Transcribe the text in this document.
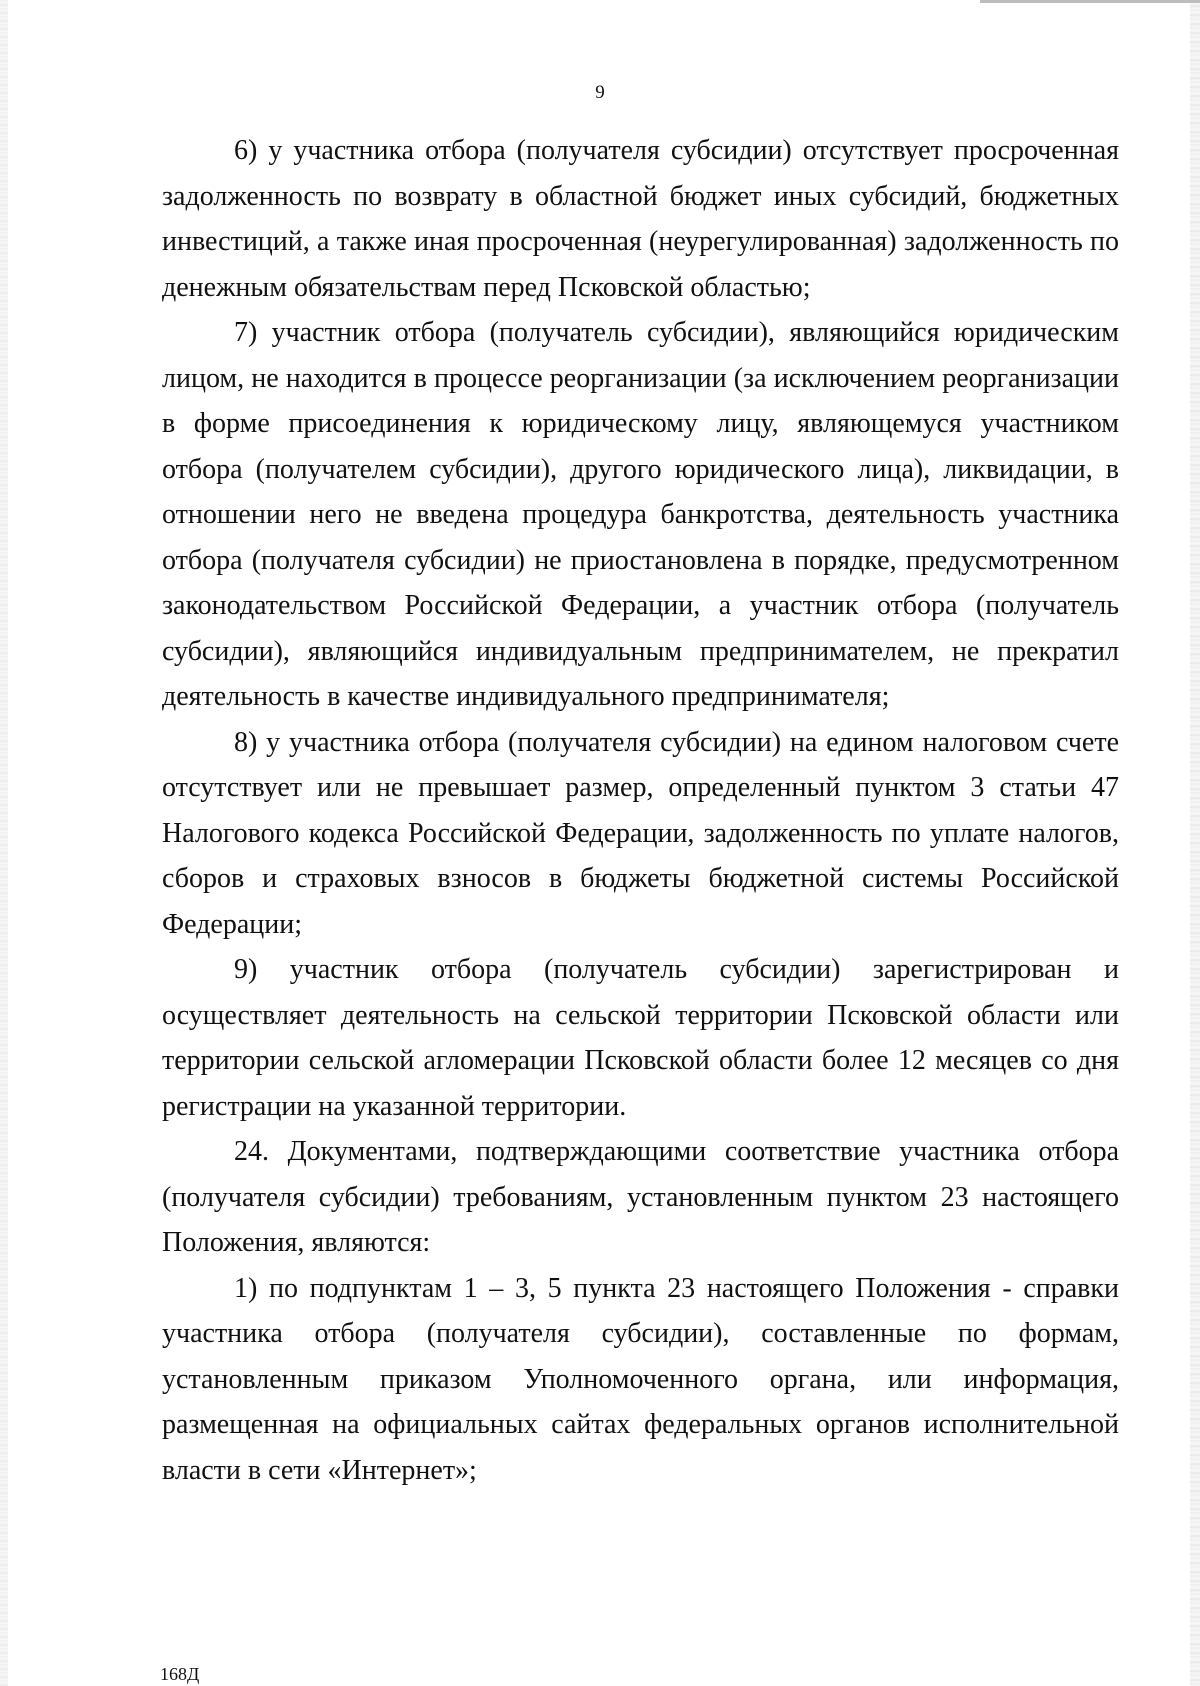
9

6) у участника отбора (получателя субсидии) отсутствует просроченная задолженность по возврату в областной бюджет иных субсидий, бюджетных инвестиций, а также иная просроченная (неурегулированная) задолженность по денежным обязательствам перед Псковской областью;

7) участник отбора (получатель субсидии), являющийся юридическим лицом, не находится в процессе реорганизации (за исключением реорганизации в форме присоединения к юридическому лицу, являющемуся участником отбора (получателем субсидии), другого юридического лица), ликвидации, в отношении него не введена процедура банкротства, деятельность участника отбора (получателя субсидии) не приостановлена в порядке, предусмотренном законодательством Российской Федерации, а участник отбора (получатель субсидии), являющийся индивидуальным предпринимателем, не прекратил деятельность в качестве индивидуального предпринимателя;

8) у участника отбора (получателя субсидии) на едином налоговом счете отсутствует или не превышает размер, определенный пунктом 3 статьи 47 Налогового кодекса Российской Федерации, задолженность по уплате налогов, сборов и страховых взносов в бюджеты бюджетной системы Российской Федерации;

9) участник отбора (получатель субсидии) зарегистрирован и осуществляет деятельность на сельской территории Псковской области или территории сельской агломерации Псковской области более 12 месяцев со дня регистрации на указанной территории.

24. Документами, подтверждающими соответствие участника отбора (получателя субсидии) требованиям, установленным пунктом 23 настоящего Положения, являются:

1) по подпунктам 1 – 3, 5 пункта 23 настоящего Положения - справки участника отбора (получателя субсидии), составленные по формам, установленным приказом Уполномоченного органа, или информация, размещенная на официальных сайтах федеральных органов исполнительной власти в сети «Интернет»;

168Д
